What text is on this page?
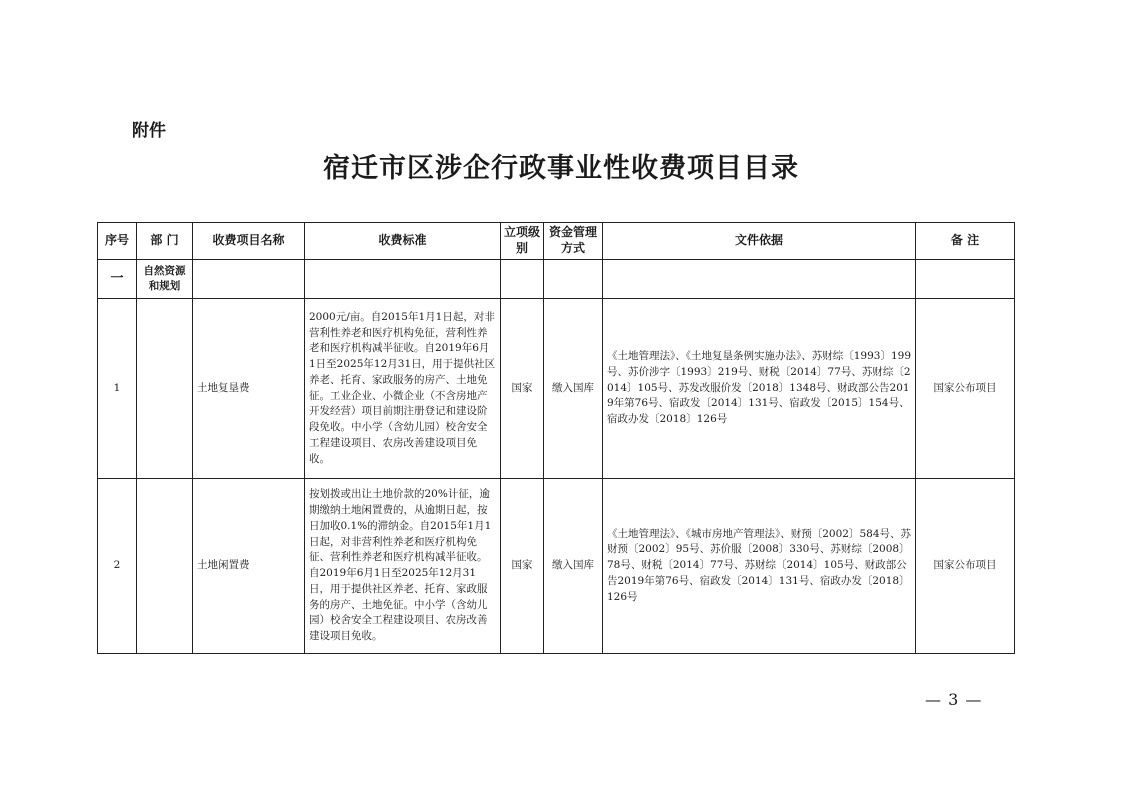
附件
宿迁市区涉企行政事业性收费项目目录
序号	部 门	收费项目名称	收费标准	立项级别	资金管理方式	文件依据	备 注
一	自然资源和规划						
1		土地复垦费	2000元/亩。自2015年1月1日起，对非营利性养老和医疗机构免征，营利性养老和医疗机构减半征收。自2019年6月1日至2025年12月31日，用于提供社区养老、托育、家政服务的房产、土地免征。工业企业、小微企业（不含房地产开发经营）项目前期注册登记和建设阶段免收。中小学（含幼儿园）校舍安全工程建设项目、农房改善建设项目免收。	国家	缴入国库	《土地管理法》、《土地复垦条例实施办法》、苏财综〔1993〕199号、苏价涉字〔1993〕219号、财税〔2014〕77号、苏财综〔2014〕105号、苏发改服价发〔2018〕1348号、财政部公告2019年第76号、宿政发〔2014〕131号、宿政发〔2015〕154号、宿政办发〔2018〕126号	国家公布项目
2		土地闲置费	按划拨或出让土地价款的20%计征，逾期缴纳土地闲置费的，从逾期日起，按日加收0.1%的滞纳金。自2015年1月1日起，对非营利性养老和医疗机构免征、营利性养老和医疗机构减半征收。自2019年6月1日至2025年12月31日，用于提供社区养老、托育、家政服务的房产、土地免征。中小学（含幼儿园）校舍安全工程建设项目、农房改善建设项目免收。	国家	缴入国库	《土地管理法》、《城市房地产管理法》、财预〔2002〕584号、苏财预〔2002〕95号、苏价服〔2008〕330号、苏财综〔2008〕78号、财税〔2014〕77号、苏财综〔2014〕105号、财政部公告2019年第76号、宿政发〔2014〕131号、宿政办发〔2018〕126号	国家公布项目
— 3 —
